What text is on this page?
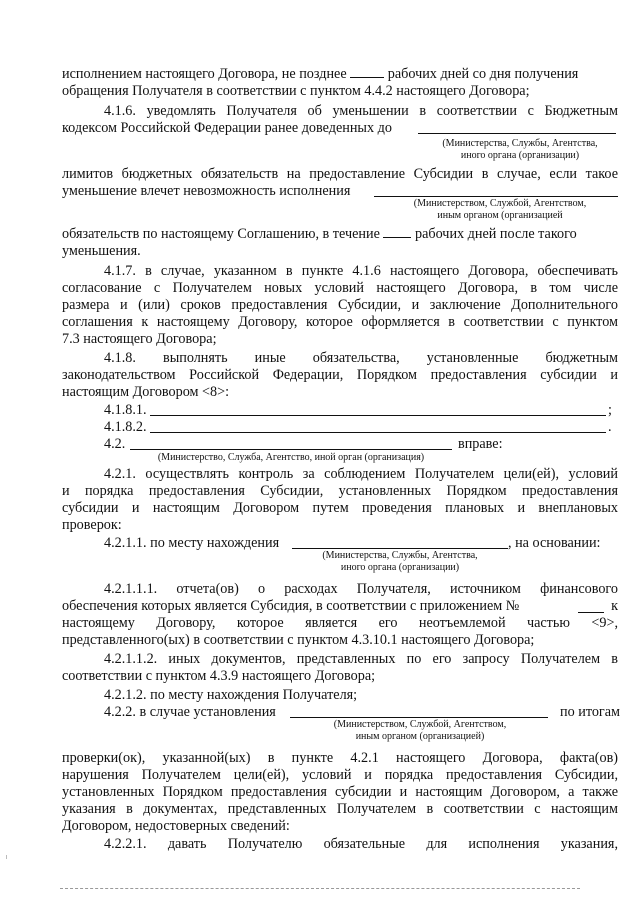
исполнением настоящего Договора, не позднее	рабочих дней со дня получения
обращения Получателя в соответствии с пунктом 4.4.2 настоящего Договора;
4.1.6. уведомлять Получателя об уменьшении в соответствии с Бюджетным
кодексом Российской Федерации ранее доведенных до
(Министерства, Службы, Агентства,
иного органа (организации)
лимитов бюджетных обязательств на предоставление Субсидии в случае, если такое
уменьшение влечет невозможность исполнения
(Министерством, Службой, Агентством,
иным органом (организацией
обязательств по настоящему Соглашению, в течение рабочих дней после такого
уменьшения.
4.1.7. в случае, указанном в пункте 4.1.6 настоящего Договора, обеспечивать
согласование с Получателем новых условий настоящего Договора, в том числе
размера и (или) сроков предоставления Субсидии, и заключение Дополнительного
соглашения к настоящему Договору, которое оформляется в соответствии с пунктом
7.3 настоящего Договора;
4.1.8. выполнять иные обязательства, установленные бюджетным
законодательством Российской Федерации, Порядком предоставления субсидии и
настоящим Договором <8>:
4.1.8.1.	;
4.1.8.2.	.
4.2.	вправе:
(Министерство, Служба, Агентство, иной орган (организация)
4.2.1. осуществлять контроль за соблюдением Получателем цели(ей), условий
и порядка предоставления Субсидии, установленных Порядком предоставления
субсидии и настоящим Договором путем проведения плановых и внеплановых
проверок:
4.2.1.1. по месту нахождения	, на основании:
(Министерства, Службы, Агентства,
иного органа (организации)
4.2.1.1.1. отчета(ов) о расходах Получателя, источником финансового
обеспечения которых является Субсидия, в соответствии с приложением №	к
настоящему Договору, которое является его неотъемлемой частью <9>,
представленного(ых) в соответствии с пунктом 4.3.10.1 настоящего Договора;
4.2.1.1.2. иных документов, представленных по его запросу Получателем в
соответствии с пунктом 4.3.9 настоящего Договора;
4.2.1.2. по месту нахождения Получателя;
4.2.2. в случае установления	по итогам
(Министерством, Службой, Агентством,
иным органом (организацией)
проверки(ок), указанной(ых) в пункте 4.2.1 настоящего Договора, факта(ов)
нарушения Получателем цели(ей), условий и порядка предоставления Субсидии,
установленных Порядком предоставления субсидии и настоящим Договором, а также
указания в документах, представленных Получателем в соответствии с настоящим
Договором, недостоверных сведений:
4.2.2.1. давать Получателю обязательные для исполнения указания,
